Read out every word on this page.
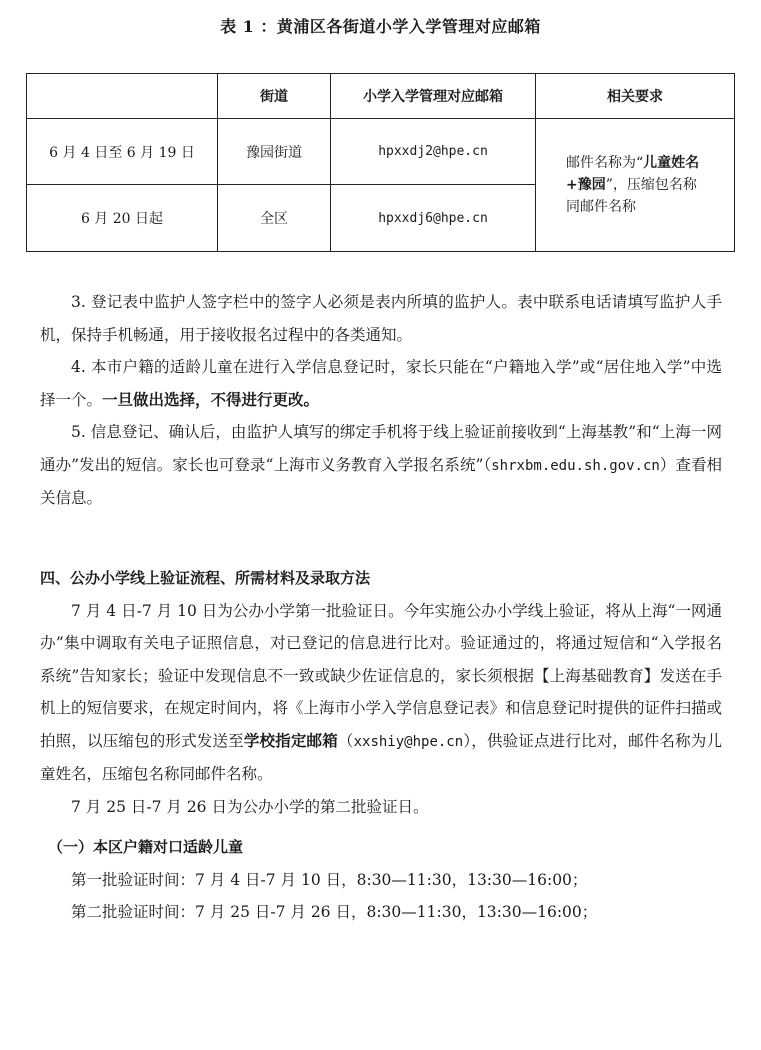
表 1 ：黄浦区各街道小学入学管理对应邮箱
	街道	小学入学管理对应邮箱	相关要求
6 月 4 日至 6 月 19 日	豫园街道	hpxxdj2@hpe.cn	邮件名称为“儿童姓名+豫园”，压缩包名称同邮件名称
6 月 20 日起	全区	hpxxdj6@hpe.cn	

3. 登记表中监护人签字栏中的签字人必须是表内所填的监护人。表中联系电话请填写监护人手机，保持手机畅通，用于接收报名过程中的各类通知。

4. 本市户籍的适龄儿童在进行入学信息登记时，家长只能在“户籍地入学”或“居住地入学”中选择一个。一旦做出选择，不得进行更改。

5. 信息登记、确认后，由监护人填写的绑定手机将于线上验证前接收到“上海基教”和“上海一网通办”发出的短信。家长也可登录“上海市义务教育入学报名系统”（shrxbm.edu.sh.gov.cn）查看相关信息。

四、公办小学线上验证流程、所需材料及录取方法

7 月 4 日-7 月 10 日为公办小学第一批验证日。今年实施公办小学线上验证，将从上海“一网通办”集中调取有关电子证照信息，对已登记的信息进行比对。验证通过的，将通过短信和“入学报名系统”告知家长；验证中发现信息不一致或缺少佐证信息的，家长须根据【上海基础教育】发送在手机上的短信要求，在规定时间内，将《上海市小学入学信息登记表》和信息登记时提供的证件扫描或拍照，以压缩包的形式发送至学校指定邮箱（xxshiy@hpe.cn），供验证点进行比对，邮件名称为儿童姓名，压缩包名称同邮件名称。

7 月 25 日-7 月 26 日为公办小学的第二批验证日。

（一）本区户籍对口适龄儿童

第一批验证时间：7 月 4 日-7 月 10 日，8:30—11:30，13:30—16:00；

第二批验证时间：7 月 25 日-7 月 26 日，8:30—11:30，13:30—16:00；
